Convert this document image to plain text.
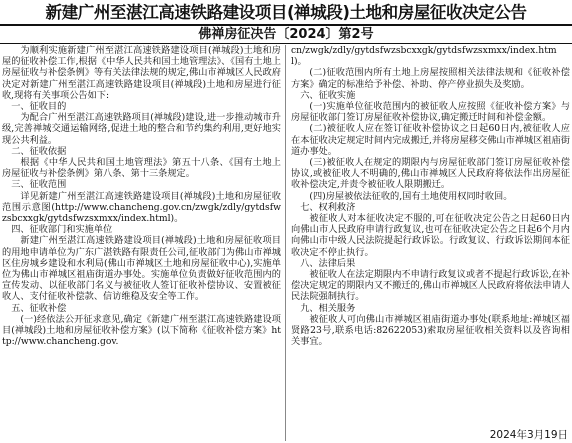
新建广州至湛江高速铁路建设项目(禅城段)土地和房屋征收决定公告

佛禅房征决告〔2024〕第2号

为顺利实施新建广州至湛江高速铁路建设项目(禅城段)土地和房屋的征收补偿工作,根据《中华人民共和国土地管理法》、《国有土地上房屋征收与补偿条例》等有关法律法规的规定,佛山市禅城区人民政府决定对新建广州至湛江高速铁路建设项目(禅城段)土地和房屋进行征收,现将有关事项公告如下:

一、征收目的

为配合广州至湛江高速铁路项目(禅城段)建设,进一步推动城市升级,完善禅城交通运输网络,促进土地的整合和节约集约利用,更好地实现公共利益。

二、征收依据

根据《中华人民共和国土地管理法》第五十八条、《国有土地上房屋征收与补偿条例》第八条、第十三条规定。

三、征收范围

详见新建广州至湛江高速铁路建设项目(禅城段)土地和房屋征收范围示意图(http://www.chancheng.gov.cn/zwgk/zdly/gytdsfwzsbcxxgk/gytdsfwzsxmxx/index.html)。

四、征收部门和实施单位

新建广州至湛江高速铁路建设项目(禅城段)土地和房屋征收项目的用地申请单位为广东广湛铁路有限责任公司,征收部门为佛山市禅城区住房城乡建设和水利局(佛山市禅城区土地和房屋征收中心),实施单位为佛山市禅城区祖庙街道办事处。实施单位负责做好征收范围内的宣传发动、以征收部门名义与被征收人签订征收补偿协议、安置被征收人、支付征收补偿款、信访维稳及安全等工作。

五、征收补偿

(一)经依法公开征求意见,确定《新建广州至湛江高速铁路建设项目(禅城段)土地和房屋征收补偿方案》(以下简称《征收补偿方案》http://www.chancheng.gov.

cn/zwgk/zdly/gytdsfwzsbcxxgk/gytdsfwzsxmxx/index.html)。

(二)征收范围内所有土地上房屋按照相关法律法规和《征收补偿方案》确定的标准给予补偿、补助、停产停业损失及奖励。

六、征收实施

(一)实施单位征收范围内的被征收人应按照《征收补偿方案》与房屋征收部门签订房屋征收补偿协议,确定搬迁时间和补偿金额。

(二)被征收人应在签订征收补偿协议之日起60日内,被征收人应在本征收决定规定时间内完成搬迁,并将房屋移交佛山市禅城区祖庙街道办事处。

(三)被征收人在规定的期限内与房屋征收部门签订房屋征收补偿协议,或被征收人不明确的,佛山市禅城区人民政府将依法作出房屋征收补偿决定,并责令被征收人限期搬迁。

(四)房屋被依法征收的,国有土地使用权同时收回。

七、权利救济

被征收人对本征收决定不服的,可在征收决定公告之日起60日内向佛山市人民政府申请行政复议,也可在征收决定公告之日起6个月内向佛山市中级人民法院提起行政诉讼。行政复议、行政诉讼期间本征收决定不停止执行。

八、法律后果

被征收人在法定期限内不申请行政复议或者不提起行政诉讼,在补偿决定规定的期限内又不搬迁的,佛山市禅城区人民政府将依法申请人民法院强制执行。

九、相关服务

被征收人可向佛山市禅城区祖庙街道办事处(联系地址:禅城区福贤路23号,联系电话:82622053)索取房屋征收相关资料以及咨询相关事宜。

2024年3月19日
